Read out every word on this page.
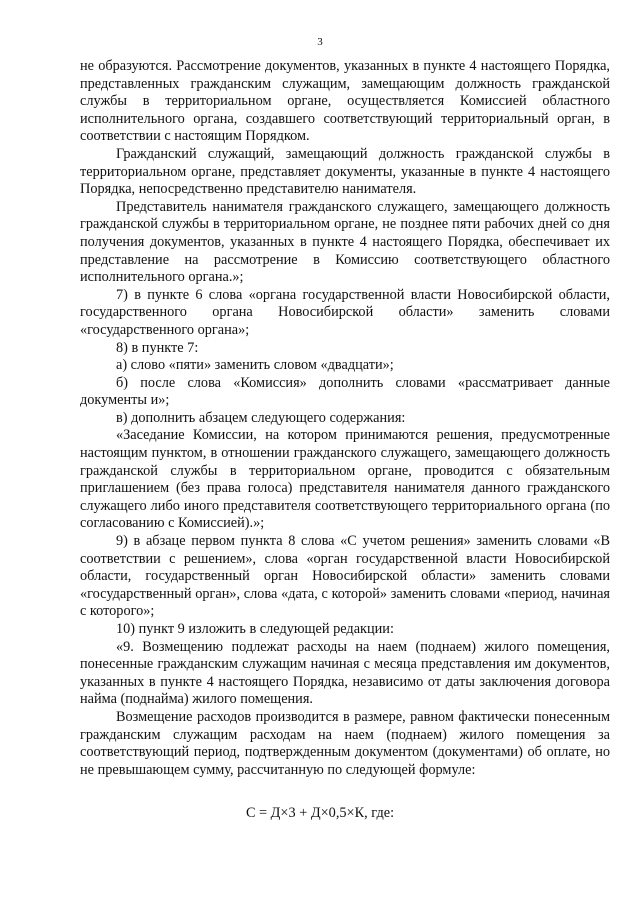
3

не образуются. Рассмотрение документов, указанных в пункте 4 настоящего Порядка, представленных гражданским служащим, замещающим должность гражданской службы в территориальном органе, осуществляется Комиссией областного исполнительного органа, создавшего соответствующий территориальный орган, в соответствии с настоящим Порядком.

Гражданский служащий, замещающий должность гражданской службы в территориальном органе, представляет документы, указанные в пункте 4 настоящего Порядка, непосредственно представителю нанимателя.

Представитель нанимателя гражданского служащего, замещающего должность гражданской службы в территориальном органе, не позднее пяти рабочих дней со дня получения документов, указанных в пункте 4 настоящего Порядка, обеспечивает их представление на рассмотрение в Комиссию соответствующего областного исполнительного органа.»;

7) в пункте 6 слова «органа государственной власти Новосибирской области, государственного органа Новосибирской области» заменить словами «государственного органа»;

8) в пункте 7:

а) слово «пяти» заменить словом «двадцати»;

б) после слова «Комиссия» дополнить словами «рассматривает данные документы и»;

в) дополнить абзацем следующего содержания:

«Заседание Комиссии, на котором принимаются решения, предусмотренные настоящим пунктом, в отношении гражданского служащего, замещающего должность гражданской службы в территориальном органе, проводится с обязательным приглашением (без права голоса) представителя нанимателя данного гражданского служащего либо иного представителя соответствующего территориального органа (по согласованию с Комиссией).»;

9) в абзаце первом пункта 8 слова «С учетом решения» заменить словами «В соответствии с решением», слова «орган государственной власти Новосибирской области, государственный орган Новосибирской области» заменить словами «государственный орган», слова «дата, с которой» заменить словами «период, начиная с которого»;

10) пункт 9 изложить в следующей редакции:

«9. Возмещению подлежат расходы на наем (поднаем) жилого помещения, понесенные гражданским служащим начиная с месяца представления им документов, указанных в пункте 4 настоящего Порядка, независимо от даты заключения договора найма (поднайма) жилого помещения.

Возмещение расходов производится в размере, равном фактически понесенным гражданским служащим расходам на наем (поднаем) жилого помещения за соответствующий период, подтвержденным документом (документами) об оплате, но не превышающем сумму, рассчитанную по следующей формуле:

С = Д×3 + Д×0,5×К, где:
